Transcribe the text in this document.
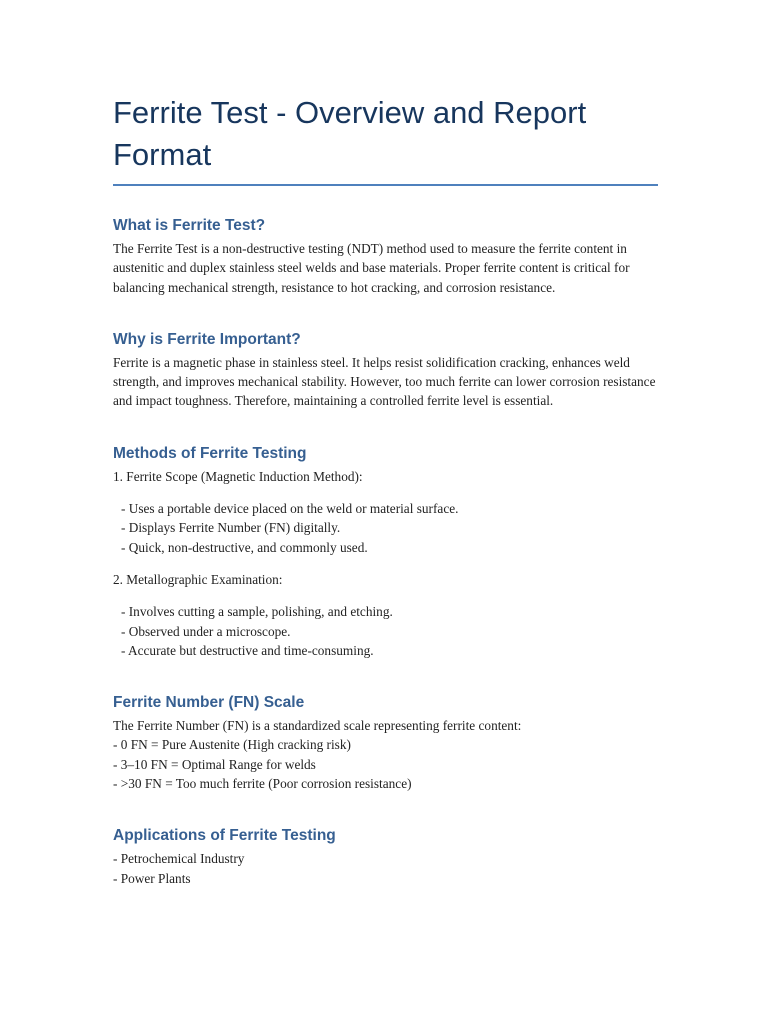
Ferrite Test - Overview and Report Format
What is Ferrite Test?

The Ferrite Test is a non-destructive testing (NDT) method used to measure the ferrite content in austenitic and duplex stainless steel welds and base materials. Proper ferrite content is critical for balancing mechanical strength, resistance to hot cracking, and corrosion resistance.

Why is Ferrite Important?

Ferrite is a magnetic phase in stainless steel. It helps resist solidification cracking, enhances weld strength, and improves mechanical stability. However, too much ferrite can lower corrosion resistance and impact toughness. Therefore, maintaining a controlled ferrite level is essential.

Methods of Ferrite Testing

1. Ferrite Scope (Magnetic Induction Method):

- Uses a portable device placed on the weld or material surface.

- Displays Ferrite Number (FN) digitally.

- Quick, non-destructive, and commonly used.

2. Metallographic Examination:

- Involves cutting a sample, polishing, and etching.

- Observed under a microscope.

- Accurate but destructive and time-consuming.

Ferrite Number (FN) Scale

The Ferrite Number (FN) is a standardized scale representing ferrite content:

- 0 FN = Pure Austenite (High cracking risk)

- 3–10 FN = Optimal Range for welds

- >30 FN = Too much ferrite (Poor corrosion resistance)

Applications of Ferrite Testing

- Petrochemical Industry

- Power Plants
